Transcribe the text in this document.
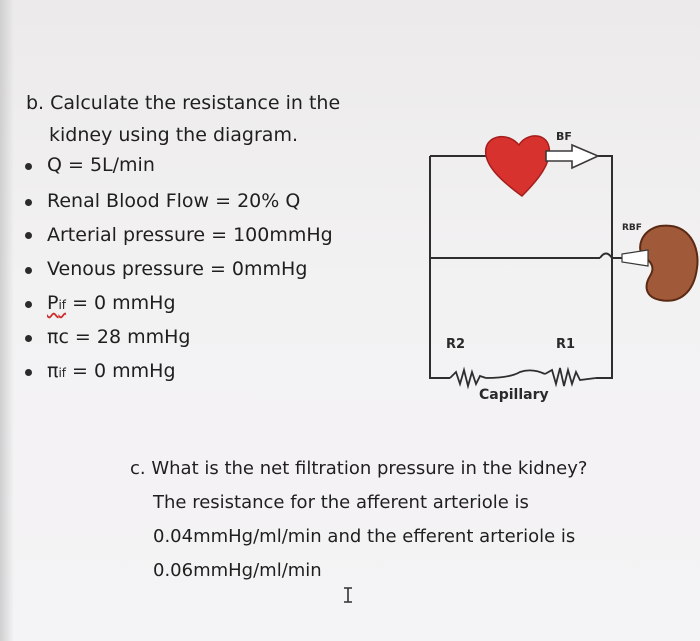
b. Calculate the resistance in the
kidney using the diagram.
Q = 5L/min
Renal Blood Flow = 20% Q
Arterial pressure = 100mmHg
Venous pressure = 0mmHg
Pif = 0 mmHg
πc = 28 mmHg
πif = 0 mmHg
BF
RBF
R2	R1
Capillary
c. What is the net filtration pressure in the kidney?
The resistance for the afferent arteriole is
0.04mmHg/ml/min and the efferent arteriole is
0.06mmHg/ml/min
